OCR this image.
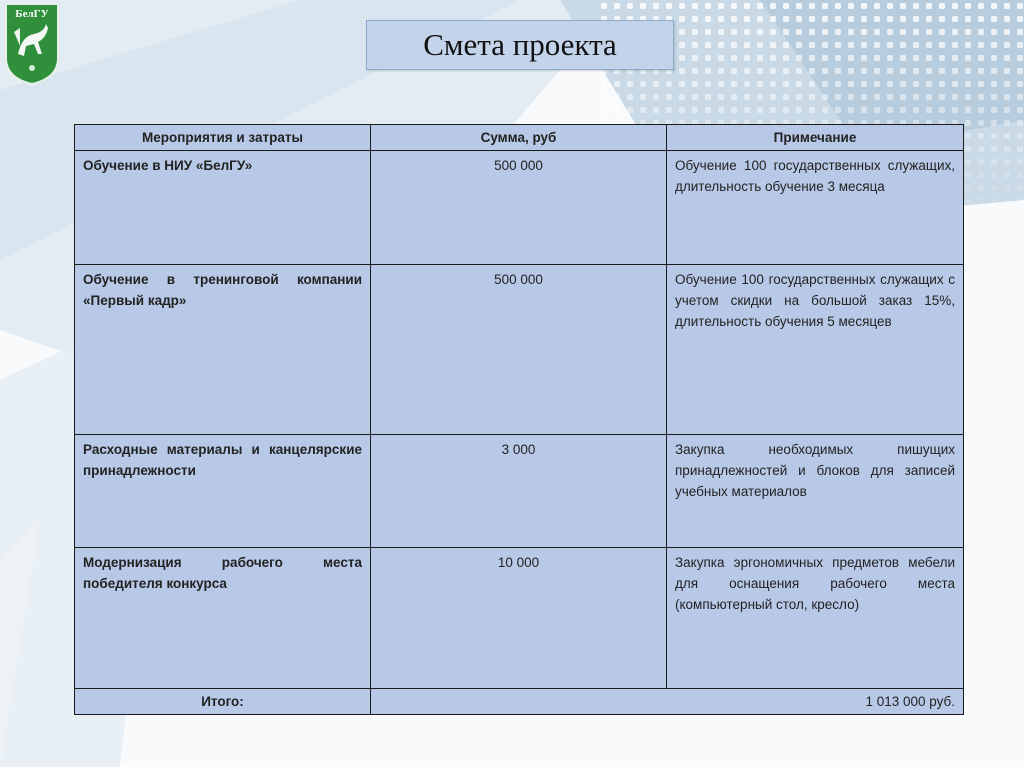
БелГУ
Смета проекта
Мероприятия и затраты	Сумма, руб	Примечание
Обучение в НИУ «БелГУ»	500 000	Обучение 100 государственных служащих, длительность обучение 3 месяца

Обучение в тренинговой компании «Первый кадр»	500 000	Обучение 100 государственных служащих с учетом скидки на большой заказ 15%, длительность обучения 5 месяцев

Расходные материалы и канцелярские принадлежности	3 000	Закупка необходимых пишущих принадлежностей и блоков для записей учебных материалов

Модернизация рабочего места победителя конкурса	10 000	Закупка эргономичных предметов мебели для оснащения рабочего места (компьютерный стол, кресло)

Итого:	1 013 000 руб.	
